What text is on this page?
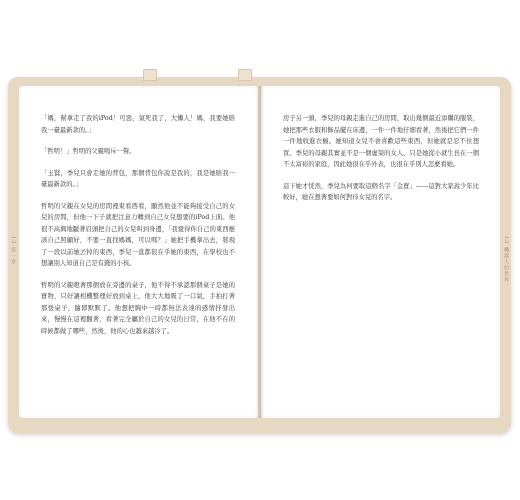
13 第一章	13 機器人的世界

「媽，幫拿走了我的iPod！可惡，氣死我了，大懶人！媽，我要她賠我一臺最新款的。」

「哲明！」哲明的父親喝斥一聲。

「玉賢，季兒只會走她的背包，那個背包你說是我的，我是她賠我一臺最新款的。」

哲明的父親在女兒的房間裡東看西看，顯然他並不能夠接受自己的女兒的房間，但他一下子就把注意力轉到自己女兒想要的iPod上面。他很不高興地皺著眉頭把自己的女兒叫到身邊，「我覺得你自己的東西應該自己照顧好，不要一直找媽媽，可以嗎？」她把手機拿出去，發現了一段以前她丟掉的東西，季兒一直都很在乎她的東西，在學校也不想讓別人知道自己是有錢的小孩。

哲明的父親瞪著那個放在旁邊的桌子，他不得不承認那個桌子是她的寶物，只好讓相機整理好放到桌上，他大大地吸了一口氣，手拍打著那張桌子，隨即默默了。他想把胸中一時都無法表達的感情抒發出來，慢慢在這裡翻著，看著完全屬於自己的女兒的日常，在他不在的時候都做了哪些，然後，他的心也越來越冷了。

房子另一頭，季兒的母親走進自己的房間，取出幾個最近添購的服裝，她把那些衣服和飾品擺在床邊，一件一件地仔細看著，然後把它們一件一件地收進衣櫥。她知道女兒不會喜歡這些東西，但她就是忍不住想買。季兒的母親其實並不是一個虛榮的女人，只是她從小就生長在一個不太富裕的家庭，因此她很在乎外表，也很在乎別人怎麼看她。

這下她才恍然，季兒為何要取這個名字「金寶」——這對大家說少年比較好，她在想著要如何對待女兒的名字。
